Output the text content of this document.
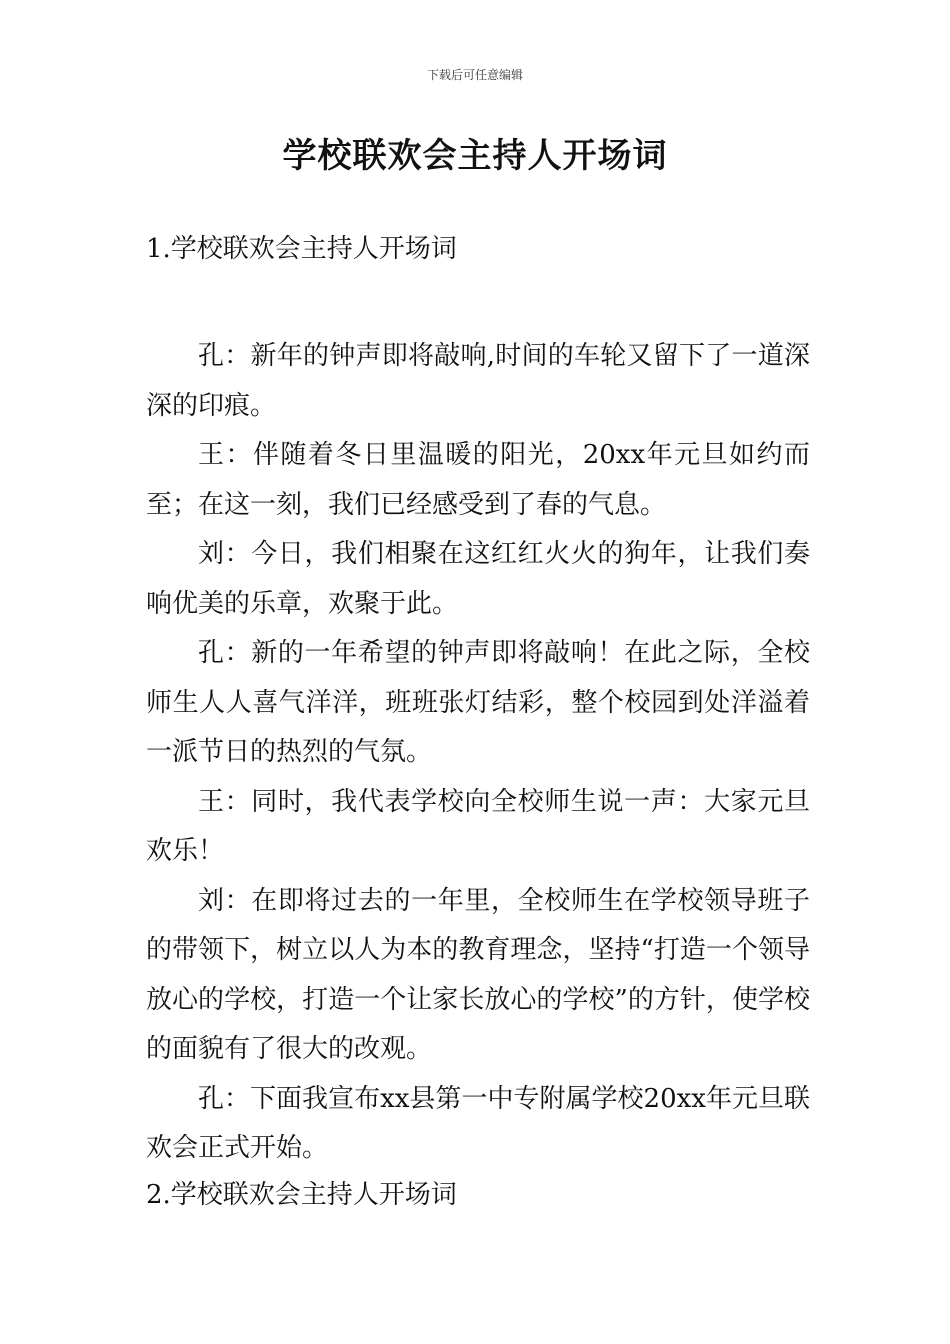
下载后可任意编辑
学校联欢会主持人开场词
1.学校联欢会主持人开场词

孔：新年的钟声即将敲响,时间的车轮又留下了一道深深的印痕。

王：伴随着冬日里温暖的阳光，20xx年元旦如约而至；在这一刻，我们已经感受到了春的气息。

刘：今日，我们相聚在这红红火火的狗年，让我们奏响优美的乐章，欢聚于此。

孔：新的一年希望的钟声即将敲响！在此之际，全校师生人人喜气洋洋，班班张灯结彩，整个校园到处洋溢着一派节日的热烈的气氛。

王：同时，我代表学校向全校师生说一声：大家元旦欢乐！

刘：在即将过去的一年里，全校师生在学校领导班子的带领下，树立以人为本的教育理念，坚持“打造一个领导放心的学校，打造一个让家长放心的学校”的方针，使学校的面貌有了很大的改观。

孔：下面我宣布xx县第一中专附属学校20xx年元旦联欢会正式开始。

2.学校联欢会主持人开场词
